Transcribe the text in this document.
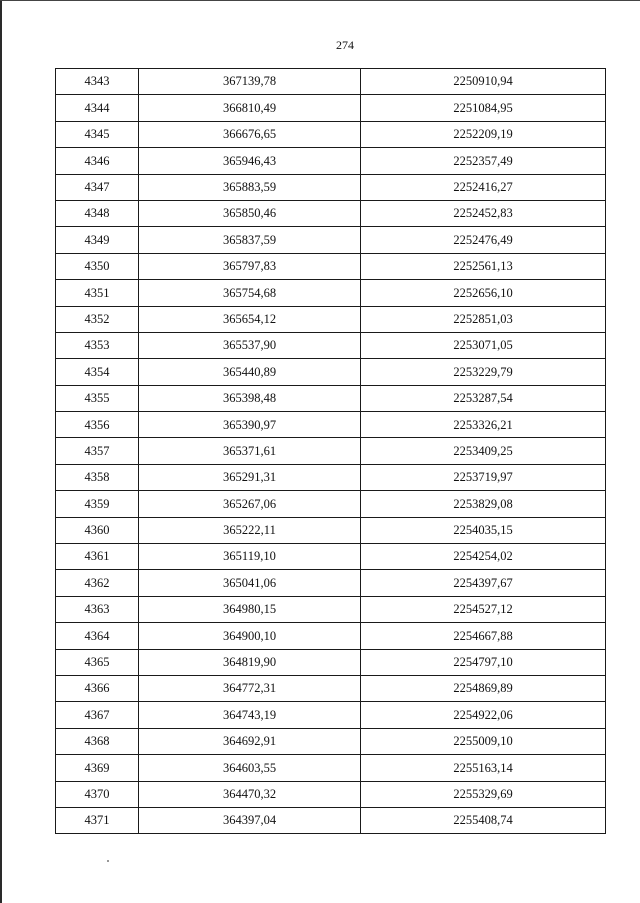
274
4343	367139,78	2250910,94
4344	366810,49	2251084,95
4345	366676,65	2252209,19
4346	365946,43	2252357,49
4347	365883,59	2252416,27
4348	365850,46	2252452,83
4349	365837,59	2252476,49
4350	365797,83	2252561,13
4351	365754,68	2252656,10
4352	365654,12	2252851,03
4353	365537,90	2253071,05
4354	365440,89	2253229,79
4355	365398,48	2253287,54
4356	365390,97	2253326,21
4357	365371,61	2253409,25
4358	365291,31	2253719,97
4359	365267,06	2253829,08
4360	365222,11	2254035,15
4361	365119,10	2254254,02
4362	365041,06	2254397,67
4363	364980,15	2254527,12
4364	364900,10	2254667,88
4365	364819,90	2254797,10
4366	364772,31	2254869,89
4367	364743,19	2254922,06
4368	364692,91	2255009,10
4369	364603,55	2255163,14
4370	364470,32	2255329,69
4371	364397,04	2255408,74
